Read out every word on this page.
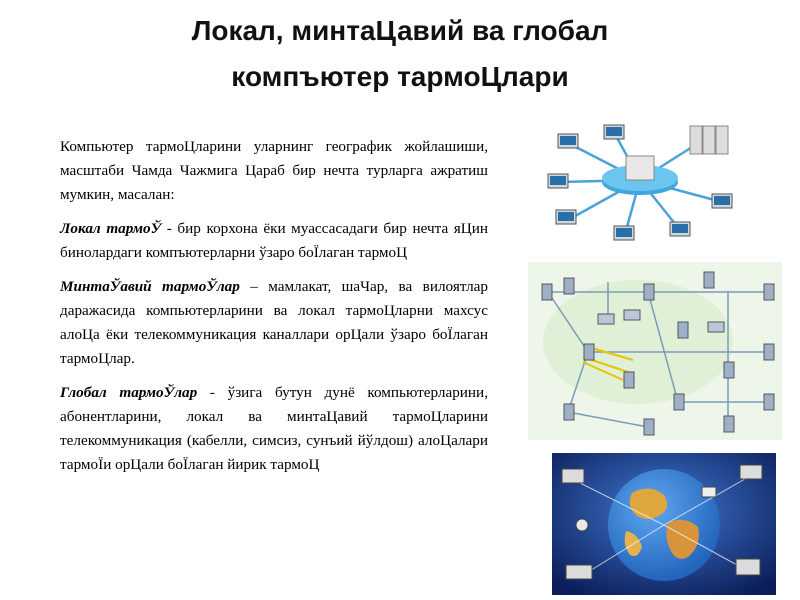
Локал, минтаЦавий ва глобал
компъютер тармоЦлари

Компьютер тармоЦларини уларнинг географик жойлашиши, масштаби Чамда Чажмига Цараб бир нечта турларга ажратиш мумкин, масалан:

Локал тармоЎ - бир корхона ёки муассасадаги бир нечта яЦин бинолардаги компъютерларни ўзаро боЇлаган тармоЦ

МинтаЎавий тармоЎлар – мамлакат, шаЧар, ва вилоятлар даражасида компьютерларини ва локал тармоЦларни махсус алоЦа ёки телекоммуникация каналлари орЦали ўзаро боЇлаган тармоЦлар.

Глобал тармоЎлар - ўзига бутун дунё компьютерларини, абонентларини, локал ва минтаЦавий тармоЦларини телекоммуникация (кабелли, симсиз, сунъий йўлдош) алоЦалари тармоЇи орЦали боЇлаган йирик тармоЦ
